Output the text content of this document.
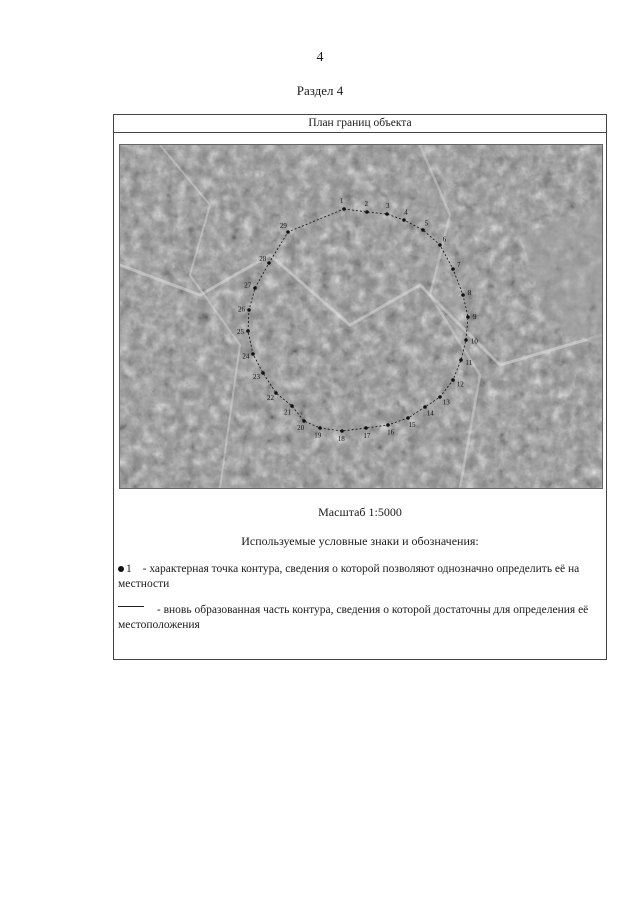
4
Раздел 4
План границ объекта
1	2	3
4
5
6
7
8
9
10
11
12
13
14
15
16
17
18
19
20
21
22
23
24
25
26
27
28
29
Масштаб 1:5000
Используемые условные знаки и обозначения:
1 - характерная точка контура, сведения о которой позволяют однозначно определить её на местности
- вновь образованная часть контура, сведения о которой достаточны для определения её местоположения
